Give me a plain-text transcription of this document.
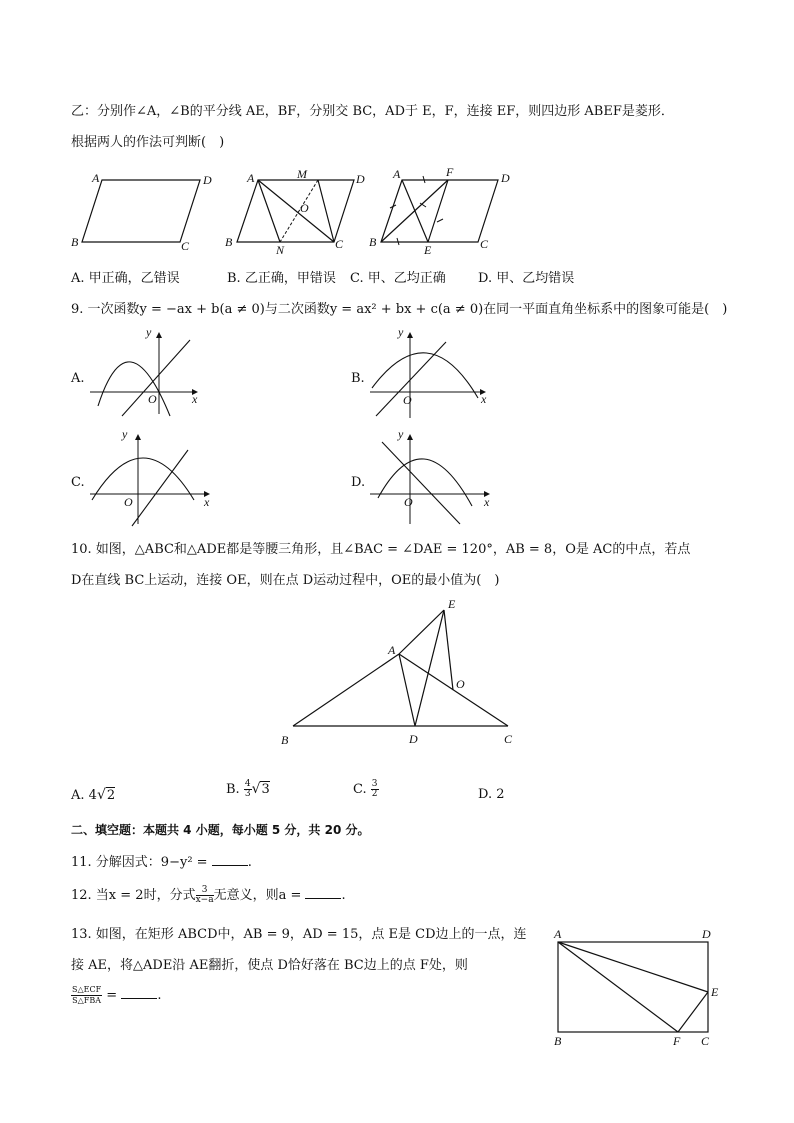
乙：分别作∠A，∠B的平分线 AE，BF，分别交 BC，AD于 E，F，连接 EF，则四边形 ABEF是菱形．
根据两人的作法可判断(　)
A	D
B	C
A	M	D
O
B
N	C
A	F	D
B
E	C
A. 甲正确，乙错误	B. 乙正确，甲错误 C. 甲、乙均正确 D. 甲、乙均错误
9. 一次函数y = −ax + b(a ≠ 0)与二次函数y = ax² + bx + c(a ≠ 0)在同一平面直角坐标系中的图象可能是(　)
A.
y
x
O
B.
y
x
O
C.
y
x
O
D.
y
x
O
10. 如图，△ABC和△ADE都是等腰三角形，且∠BAC = ∠DAE = 120°，AB = 8，O是 AC的中点，若点
D在直线 BC上运动，连接 OE，则在点 D运动过程中，OE的最小值为(　)
E
A
O
B	D	C
A. 4√2	B. $\frac{4}{3} √3$	C. $\frac{3}{2}$	D. 2
二、填空题：本题共 4 小题，每小题 5 分，共 20 分。
11. 分解因式：9−y² =	.
12. 当x = 2时，分式 $\frac{3}{x-a}$ 无意义，则a =	.
13. 如图，在矩形 ABCD中，AB = 9，AD = 15，点 E是 CD边上的一点，连
接 AE，将△ADE沿 AE翻折，使点 D恰好落在 BC边上的点 F处，则
$\frac{\text{S△ECF}}{\text{S△FBA}}$ =	.
A	D
E
B	F C
